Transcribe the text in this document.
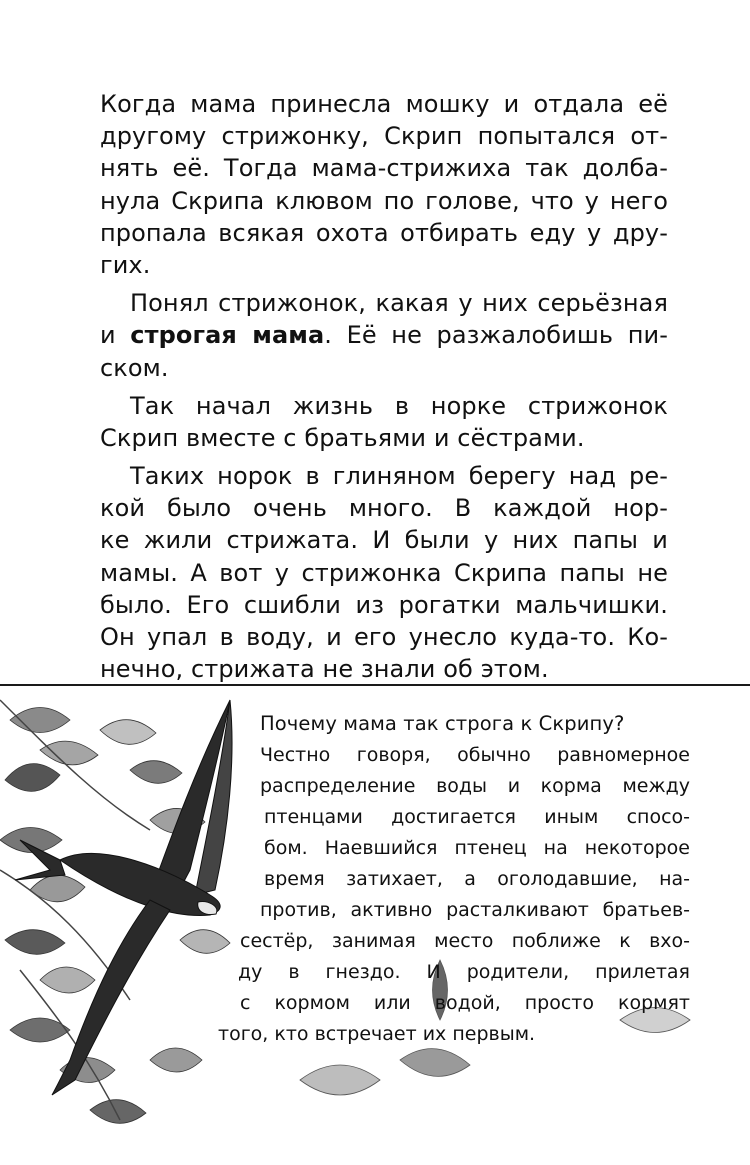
Когда мама принесла мошку и отдала её
другому стрижонку, Скрип попытался от-
нять её. Тогда мама-стрижиха так долба-
нула Скрипа клювом по голове, что у него
пропала всякая охота отбирать еду у дру-
гих.
Понял стрижонок, какая у них серьёзная
и строгая мама. Её не разжалобишь пи-
ском.
Так начал жизнь в норке стрижонок
Скрип вместе с братьями и сёстрами.
Таких норок в глиняном берегу над ре-
кой было очень много. В каждой нор-
ке жили стрижата. И были у них папы и
мамы. А вот у стрижонка Скрипа папы не
было. Его сшибли из рогатки мальчишки.
Он упал в воду, и его унесло куда-то. Ко-
нечно, стрижата не знали об этом.
Почему мама так строга к Скрипу?
Честно говоря, обычно равномерное
распределение воды и корма между
птенцами достигается иным спосо-
бом. Наевшийся птенец на некоторое
время затихает, а оголодавшие, на-
против, активно расталкивают братьев-
сестёр, занимая место поближе к вхо-
ду в гнездо. И родители, прилетая
с кормом или водой, просто кормят
того, кто встречает их первым.
